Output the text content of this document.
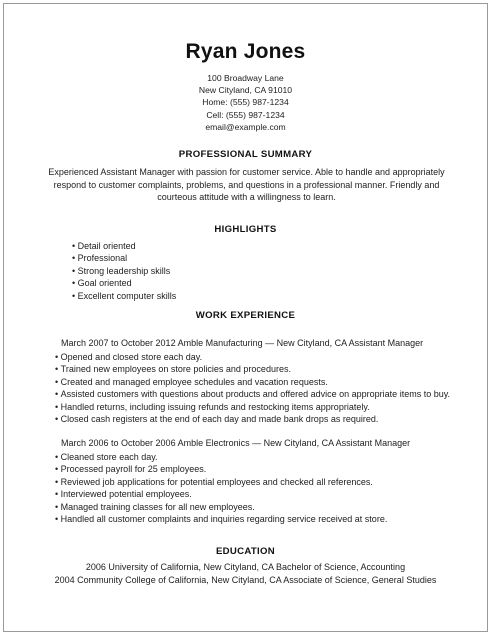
Ryan Jones
100 Broadway Lane
New Cityland, CA 91010
Home: (555) 987-1234
Cell: (555) 987-1234
email@example.com
PROFESSIONAL SUMMARY
Experienced Assistant Manager with passion for customer service. Able to handle and appropriately respond to customer complaints, problems, and questions in a professional manner. Friendly and courteous attitude with a willingness to learn.
HIGHLIGHTS
• Detail oriented
• Professional
• Strong leadership skills
• Goal oriented
• Excellent computer skills
WORK EXPERIENCE
March 2007 to October 2012 Amble Manufacturing — New Cityland, CA Assistant Manager
• Opened and closed store each day.
• Trained new employees on store policies and procedures.
• Created and managed employee schedules and vacation requests.
• Assisted customers with questions about products and offered advice on appropriate items to buy.
• Handled returns, including issuing refunds and restocking items appropriately.
• Closed cash registers at the end of each day and made bank drops as required.
March 2006 to October 2006 Amble Electronics — New Cityland, CA Assistant Manager
• Cleaned store each day.
• Processed payroll for 25 employees.
• Reviewed job applications for potential employees and checked all references.
• Interviewed potential employees.
• Managed training classes for all new employees.
• Handled all customer complaints and inquiries regarding service received at store.
EDUCATION
2006 University of California, New Cityland, CA Bachelor of Science, Accounting
2004 Community College of California, New Cityland, CA Associate of Science, General Studies
